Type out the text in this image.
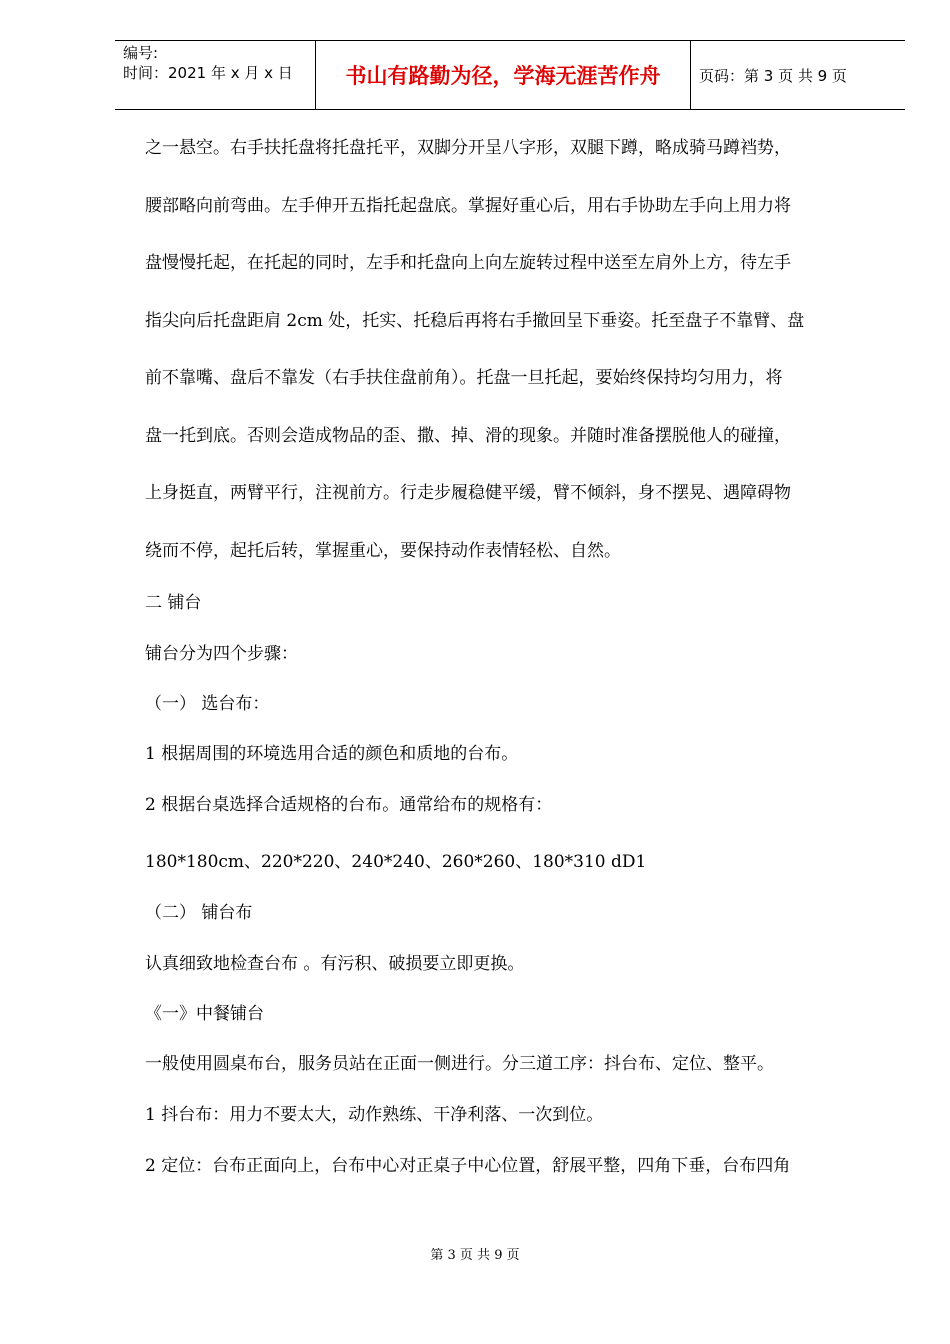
编号:
时间：2021 年 x 月 x 日	书山有路勤为径，学海无涯苦作舟	页码：第 3 页 共 9 页
之一悬空。右手扶托盘将托盘托平，双脚分开呈八字形，双腿下蹲，略成骑马蹲裆势，
腰部略向前弯曲。左手伸开五指托起盘底。掌握好重心后，用右手协助左手向上用力将
盘慢慢托起，在托起的同时，左手和托盘向上向左旋转过程中送至左肩外上方，待左手
指尖向后托盘距肩 2cm 处，托实、托稳后再将右手撤回呈下垂姿。托至盘子不靠臂、盘
前不靠嘴、盘后不靠发（右手扶住盘前角）。托盘一旦托起，要始终保持均匀用力，将
盘一托到底。否则会造成物品的歪、撒、掉、滑的现象。并随时准备摆脱他人的碰撞，
上身挺直，两臂平行，注视前方。行走步履稳健平缓，臂不倾斜，身不摆晃、遇障碍物
绕而不停，起托后转，掌握重心，要保持动作表情轻松、自然。
二 铺台
铺台分为四个步骤：
（一） 选台布：
1 根据周围的环境选用合适的颜色和质地的台布。
2 根据台桌选择合适规格的台布。通常给布的规格有：
180*180cm、220*220、240*240、260*260、180*310 dD1
（二） 铺台布
认真细致地检查台布 。有污积、破损要立即更换。
《一》中餐铺台
一般使用圆桌布台，服务员站在正面一侧进行。分三道工序：抖台布、定位、整平。
1 抖台布：用力不要太大，动作熟练、干净利落、一次到位。
2 定位：台布正面向上，台布中心对正桌子中心位置，舒展平整，四角下垂，台布四角
第 3 页 共 9 页
